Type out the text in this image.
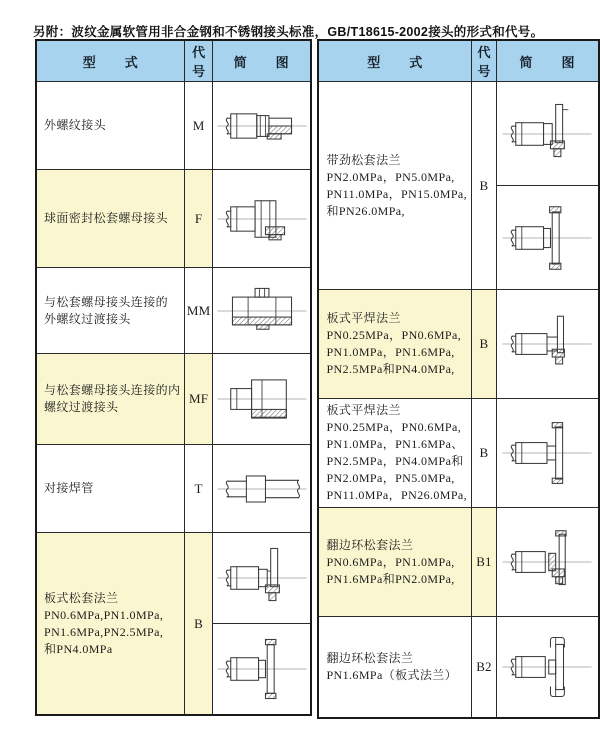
另附：波纹金属软管用非合金钢和不锈钢接头标准，GB/T18615-2002接头的形式和代号。

型　　式	代号	简　　图

外螺纹接头	M	

球面密封松套螺母接头	F	

与松套螺母接头连接的
外螺纹过渡接头	MM	

与松套螺母接头连接的内
螺纹过渡接头	MF	

对接焊管	T	

板式松套法兰
PN0.6MPa,PN1.0MPa,
PN1.6MPa,PN2.5MPa,
和PN4.0MPa	B	
型　　式	代号	简　　图

带劲松套法兰
PN2.0MPa，PN5.0MPa,
PN11.0MPa，PN15.0MPa,
和PN26.0MPa,	B	

板式平焊法兰
PN0.25MPa，PN0.6MPa,
PN1.0MPa，PN1.6MPa,
PN2.5MPa和PN4.0MPa,	B	

板式平焊法兰
PN0.25MPa，PN0.6MPa,
PN1.0MPa，PN1.6MPa、
PN2.5MPa，PN4.0MPa和
PN2.0MPa，PN5.0MPa,
PN11.0MPa，PN26.0MPa,
	B	

翻边环松套法兰
PN0.6MPa，PN1.0MPa,
PN1.6MPa和PN2.0MPa,	B1	

翻边环松套法兰
PN1.6MPa（板式法兰）	B2	
